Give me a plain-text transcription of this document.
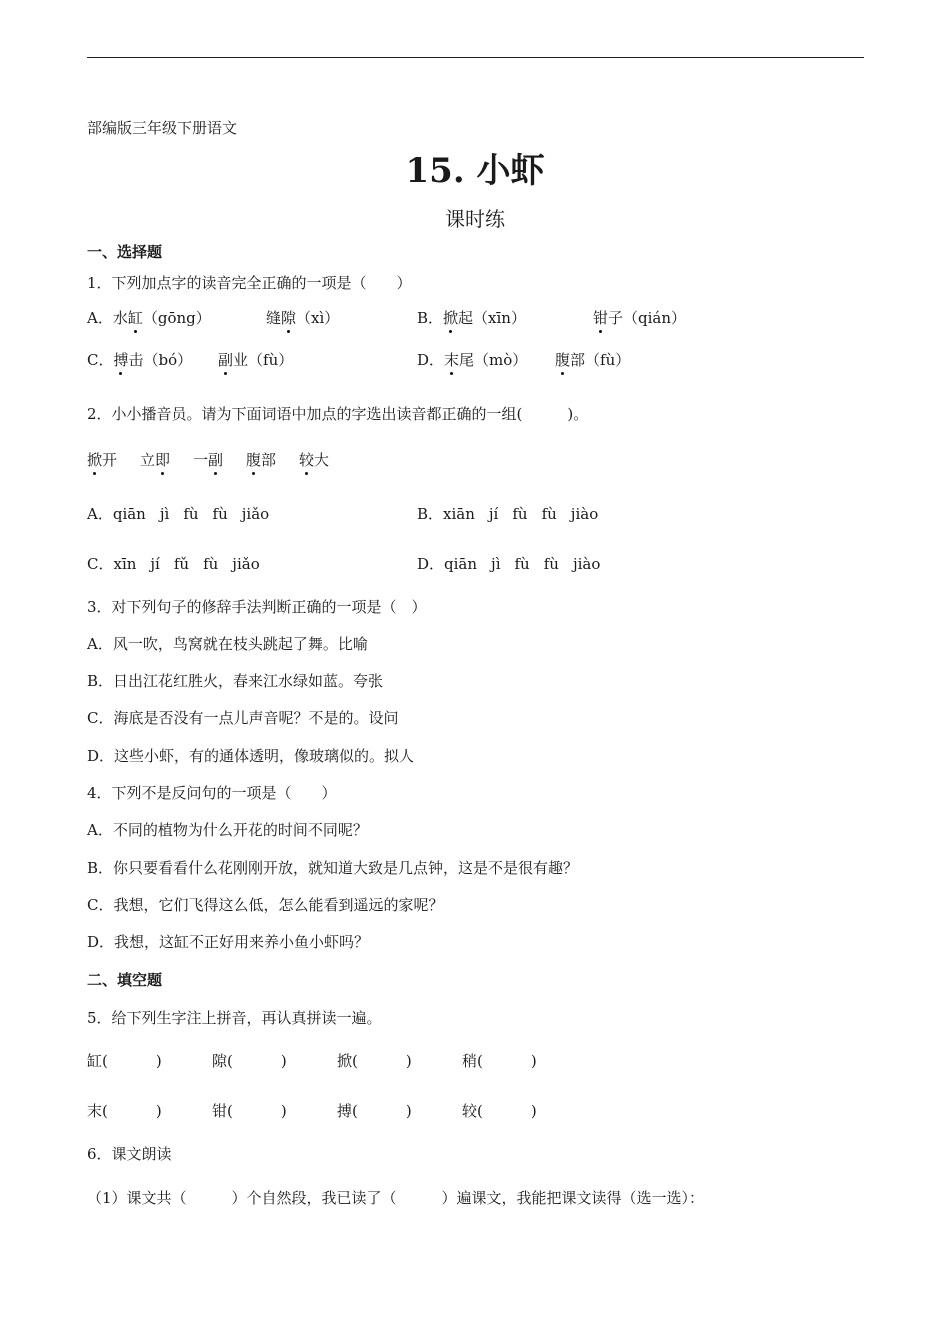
部编版三年级下册语文
15. 小虾
课时练
一、选择题
1．下列加点字的读音完全正确的一项是（　　）
A．水缸（gōng）	缝隙（xì）	B．掀起（xīn）	钳子（qián）
C．搏击（bó） 副业（fù）	D．末尾（mò） 腹部（fù）
2．小小播音员。请为下面词语中加点的字选出读音都正确的一组(　　　)。
掀开 立即 一副 腹部 较大
A．qiān jì fù fù jiǎo	B．xiān jí fù fù jiào
C．xīn jí fǔ fù jiǎo	D．qiān jì fù fù jiào
3．对下列句子的修辞手法判断正确的一项是（　）
A．风一吹，鸟窝就在枝头跳起了舞。比喻
B．日出江花红胜火，春来江水绿如蓝。夸张
C．海底是否没有一点儿声音呢？不是的。设问
D．这些小虾，有的通体透明，像玻璃似的。拟人
4．下列不是反问句的一项是（　　）
A．不同的植物为什么开花的时间不同呢？
B．你只要看看什么花刚刚开放，就知道大致是几点钟，这是不是很有趣？
C．我想，它们飞得这么低，怎么能看到遥远的家呢？
D．我想，这缸不正好用来养小鱼小虾吗？
二、填空题
5．给下列生字注上拼音，再认真拼读一遍。
缸(	)	隙(	)	掀(	)	稍(	)
末(	)	钳(	)	搏(	)	较(	)
6．课文朗读
（1）课文共（　　　）个自然段，我已读了（　　　）遍课文，我能把课文读得（选一选）：
